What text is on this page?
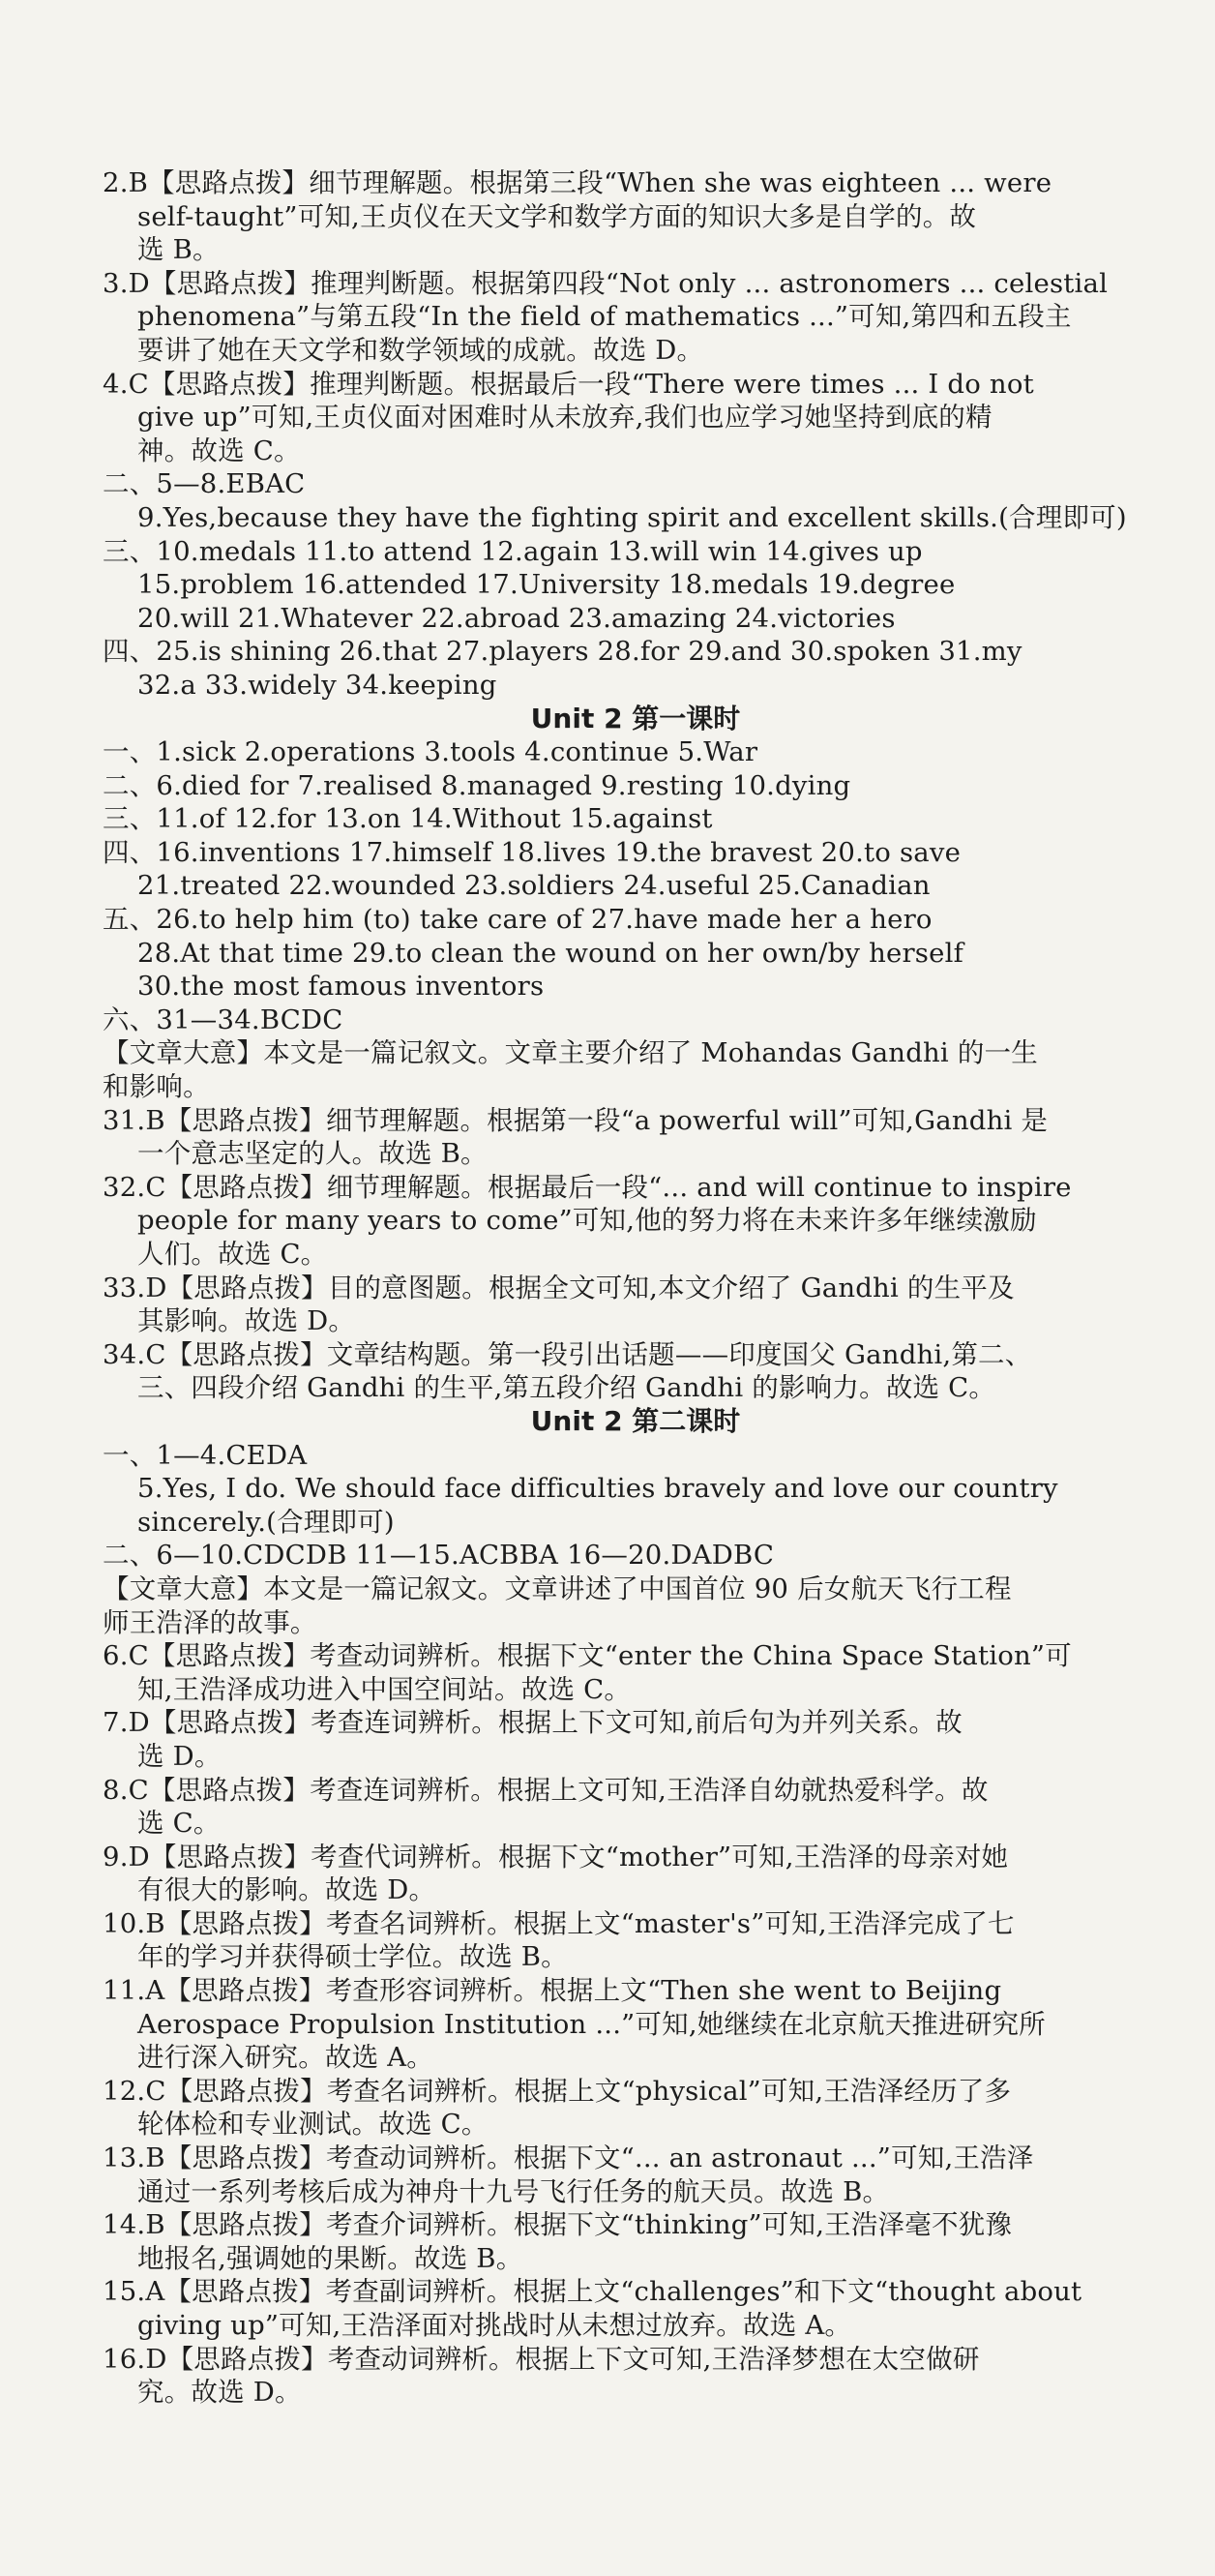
2.B【思路点拨】细节理解题。根据第三段“When she was eighteen ... were
self-taught”可知,王贞仪在天文学和数学方面的知识大多是自学的。故
选 B。
3.D【思路点拨】推理判断题。根据第四段“Not only ... astronomers ... celestial
phenomena”与第五段“In the field of mathematics ...”可知,第四和五段主
要讲了她在天文学和数学领域的成就。故选 D。
4.C【思路点拨】推理判断题。根据最后一段“There were times ... I do not
give up”可知,王贞仪面对困难时从未放弃,我们也应学习她坚持到底的精
神。故选 C。
二、5—8.EBAC
9.Yes,because they have the fighting spirit and excellent skills.(合理即可)
三、10.medals 11.to attend 12.again 13.will win 14.gives up
15.problem 16.attended 17.University 18.medals 19.degree
20.will 21.Whatever 22.abroad 23.amazing 24.victories
四、25.is shining 26.that 27.players 28.for 29.and 30.spoken 31.my
32.a 33.widely 34.keeping
Unit 2 第一课时
一、1.sick 2.operations 3.tools 4.continue 5.War
二、6.died for 7.realised 8.managed 9.resting 10.dying
三、11.of 12.for 13.on 14.Without 15.against
四、16.inventions 17.himself 18.lives 19.the bravest 20.to save
21.treated 22.wounded 23.soldiers 24.useful 25.Canadian
五、26.to help him (to) take care of 27.have made her a hero
28.At that time 29.to clean the wound on her own/by herself
30.the most famous inventors
六、31—34.BCDC
【文章大意】本文是一篇记叙文。文章主要介绍了 Mohandas Gandhi 的一生
和影响。
31.B【思路点拨】细节理解题。根据第一段“a powerful will”可知,Gandhi 是
一个意志坚定的人。故选 B。
32.C【思路点拨】细节理解题。根据最后一段“... and will continue to inspire
people for many years to come”可知,他的努力将在未来许多年继续激励
人们。故选 C。
33.D【思路点拨】目的意图题。根据全文可知,本文介绍了 Gandhi 的生平及
其影响。故选 D。
34.C【思路点拨】文章结构题。第一段引出话题——印度国父 Gandhi,第二、
三、四段介绍 Gandhi 的生平,第五段介绍 Gandhi 的影响力。故选 C。
Unit 2 第二课时
一、1—4.CEDA
5.Yes, I do. We should face difficulties bravely and love our country
sincerely.(合理即可)
二、6—10.CDCDB 11—15.ACBBA 16—20.DADBC
【文章大意】本文是一篇记叙文。文章讲述了中国首位 90 后女航天飞行工程
师王浩泽的故事。
6.C【思路点拨】考查动词辨析。根据下文“enter the China Space Station”可
知,王浩泽成功进入中国空间站。故选 C。
7.D【思路点拨】考查连词辨析。根据上下文可知,前后句为并列关系。故
选 D。
8.C【思路点拨】考查连词辨析。根据上文可知,王浩泽自幼就热爱科学。故
选 C。
9.D【思路点拨】考查代词辨析。根据下文“mother”可知,王浩泽的母亲对她
有很大的影响。故选 D。
10.B【思路点拨】考查名词辨析。根据上文“master's”可知,王浩泽完成了七
年的学习并获得硕士学位。故选 B。
11.A【思路点拨】考查形容词辨析。根据上文“Then she went to Beijing
Aerospace Propulsion Institution ...”可知,她继续在北京航天推进研究所
进行深入研究。故选 A。
12.C【思路点拨】考查名词辨析。根据上文“physical”可知,王浩泽经历了多
轮体检和专业测试。故选 C。
13.B【思路点拨】考查动词辨析。根据下文“... an astronaut ...”可知,王浩泽
通过一系列考核后成为神舟十九号飞行任务的航天员。故选 B。
14.B【思路点拨】考查介词辨析。根据下文“thinking”可知,王浩泽毫不犹豫
地报名,强调她的果断。故选 B。
15.A【思路点拨】考查副词辨析。根据上文“challenges”和下文“thought about
giving up”可知,王浩泽面对挑战时从未想过放弃。故选 A。
16.D【思路点拨】考查动词辨析。根据上下文可知,王浩泽梦想在太空做研
究。故选 D。
